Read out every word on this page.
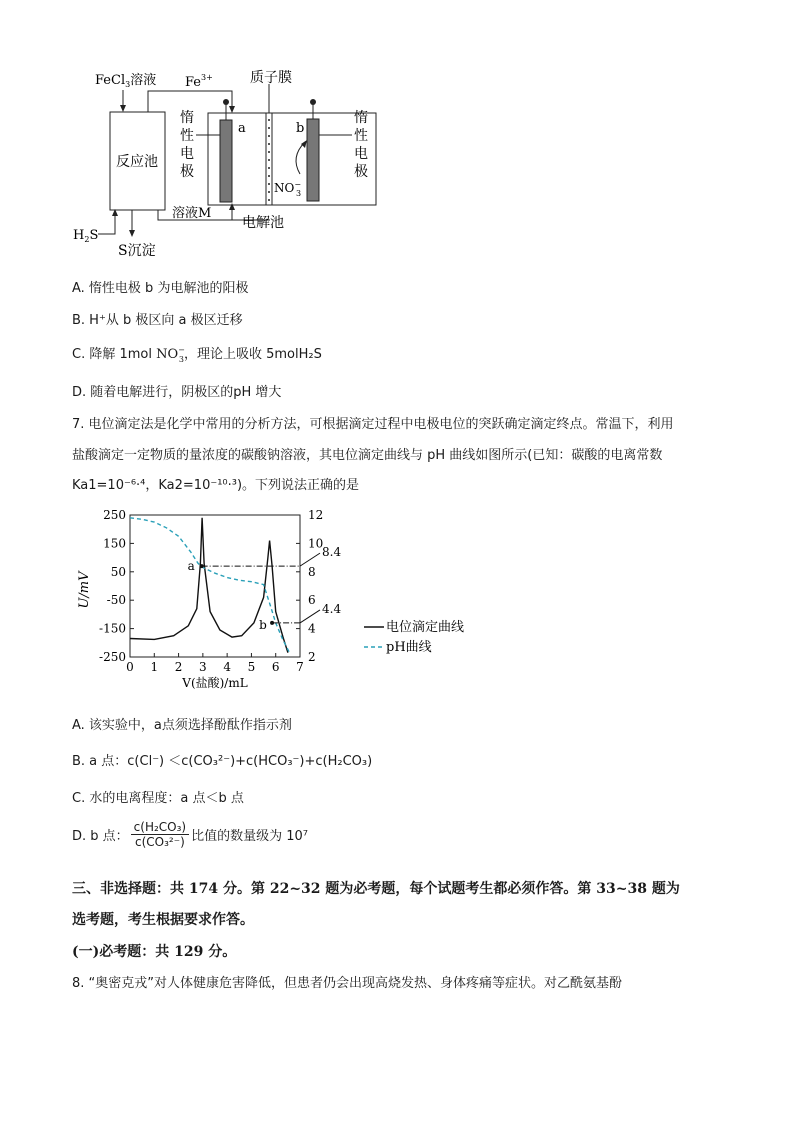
反应池
FeCl$_3$溶液 $Fe^{3+}$
a	b
质子膜
NO− 3
惰
性
电
极
惰
性
电
极
溶液M
电解池
$H_2S$
S沉淀
A. 惰性电极 b 为电解池的阳极
B. H⁺从 b 极区向 a 极区迁移
C. 降解 1mol $NO^-_3$，理论上吸收 5molH₂S
D. 随着电解进行，阴极区的pH 增大
7. 电位滴定法是化学中常用的分析方法，可根据滴定过程中电极电位的突跃确定滴定终点。常温下，利用
盐酸滴定一定物质的量浓度的碳酸钠溶液，其电位滴定曲线与 pH 曲线如图所示(已知：碳酸的电离常数
Ka1=10⁻⁶·⁴，Ka2=10⁻¹⁰·³)。下列说法正确的是
0 1 2 3 4 5 6 7
250
150
50
-50
-150
-250
12
10
8
6
4
2
U/mV
V(盐酸)/mL
a
b
8.4
4.4
电位滴定曲线
pH曲线
A. 该实验中，a点须选择酚酞作指示剂
B. a 点：c(Cl⁻) ＜c(CO₃²⁻)+c(HCO₃⁻)+c(H₂CO₃)
C. 水的电离程度：a 点＜b 点
D. b 点： $\frac{\text{c(H₂CO₃)}}{\text{c(CO₃²⁻)}}$ 比值的数量级为 10⁷
三、非选择题：共 174 分。第 22~32 题为必考题，每个试题考生都必须作答。第 33~38 题为
选考题，考生根据要求作答。
(一)必考题：共 129 分。
8. “奥密克戎”对人体健康危害降低，但患者仍会出现高烧发热、身体疼痛等症状。对乙酰氨基酚
